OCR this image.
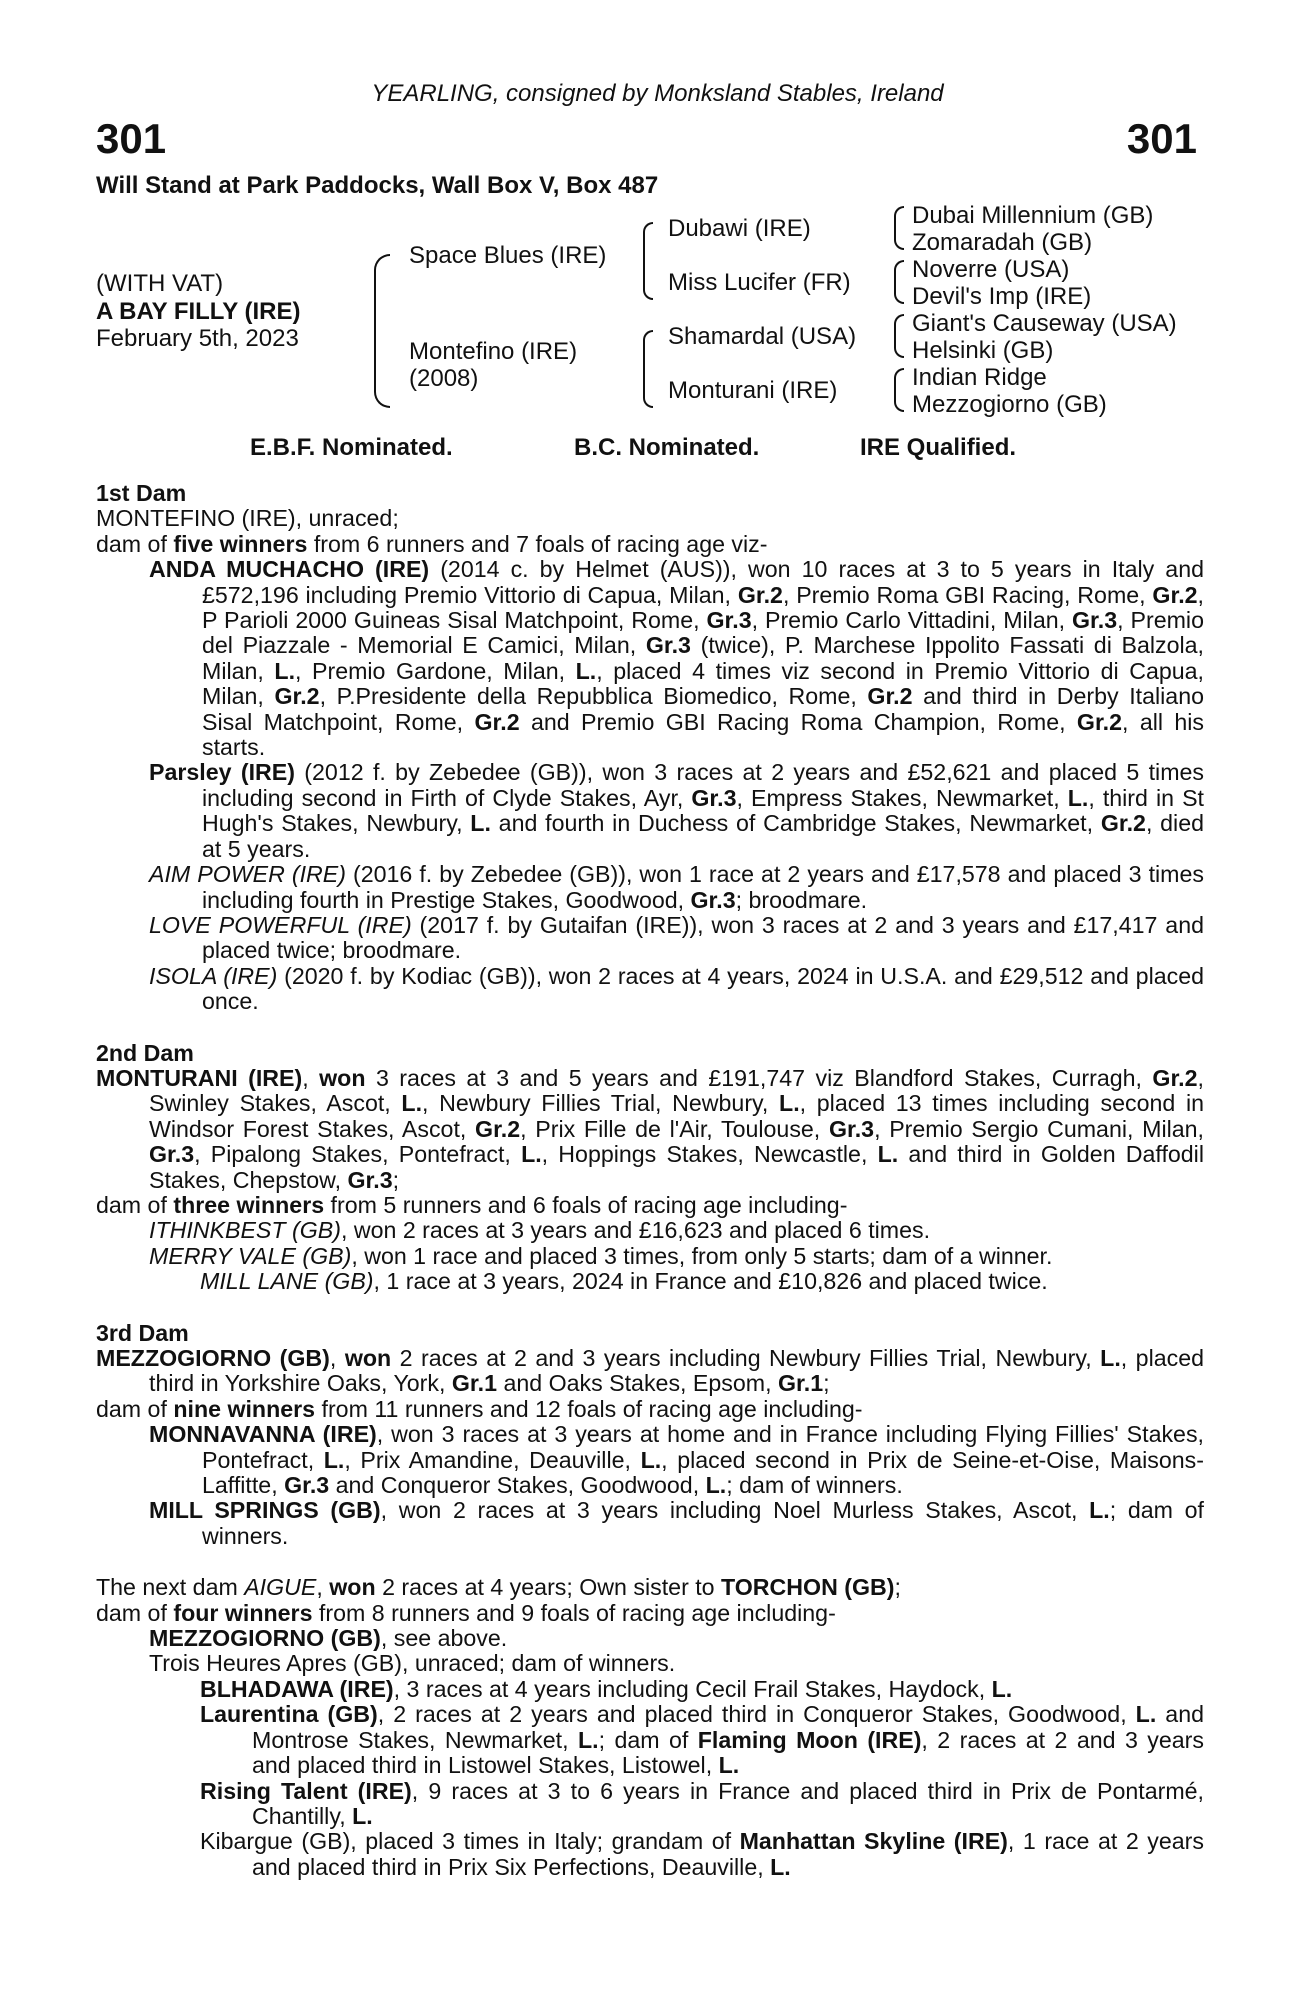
YEARLING, consigned by Monksland Stables, Ireland
301	301
Will Stand at Park Paddocks, Wall Box V, Box 487
(WITH VAT)
A BAY FILLY (IRE)
February 5th, 2023
Space Blues (IRE)
Montefino (IRE)
(2008)
Dubawi (IRE)
Miss Lucifer (FR)
Shamardal (USA)
Monturani (IRE)
Dubai Millennium (GB)
Zomaradah (GB)
Noverre (USA)
Devil's Imp (IRE)
Giant's Causeway (USA)
Helsinki (GB)
Indian Ridge
Mezzogiorno (GB)
E.B.F. Nominated.	B.C. Nominated.	IRE Qualified.

1st Dam

MONTEFINO (IRE), unraced;

dam of five winners from 6 runners and 7 foals of racing age viz-

ANDA MUCHACHO (IRE) (2014 c. by Helmet (AUS)), won 10 races at 3 to 5 years in Italy and £572,196 including Premio Vittorio di Capua, Milan, Gr.2, Premio Roma GBI Racing, Rome, Gr.2, P Parioli 2000 Guineas Sisal Matchpoint, Rome, Gr.3, Premio Carlo Vittadini, Milan, Gr.3, Premio del Piazzale - Memorial E Camici, Milan, Gr.3 (twice), P. Marchese Ippolito Fassati di Balzola, Milan, L., Premio Gardone, Milan, L., placed 4 times viz second in Premio Vittorio di Capua, Milan, Gr.2, P.Presidente della Repubblica Biomedico, Rome, Gr.2 and third in Derby Italiano Sisal Matchpoint, Rome, Gr.2 and Premio GBI Racing Roma Champion, Rome, Gr.2, all his starts.

Parsley (IRE) (2012 f. by Zebedee (GB)), won 3 races at 2 years and £52,621 and placed 5 times including second in Firth of Clyde Stakes, Ayr, Gr.3, Empress Stakes, Newmarket, L., third in St Hugh's Stakes, Newbury, L. and fourth in Duchess of Cambridge Stakes, Newmarket, Gr.2, died at 5 years.

AIM POWER (IRE) (2016 f. by Zebedee (GB)), won 1 race at 2 years and £17,578 and placed 3 times including fourth in Prestige Stakes, Goodwood, Gr.3; broodmare.

LOVE POWERFUL (IRE) (2017 f. by Gutaifan (IRE)), won 3 races at 2 and 3 years and £17,417 and placed twice; broodmare.

ISOLA (IRE) (2020 f. by Kodiac (GB)), won 2 races at 4 years, 2024 in U.S.A. and £29,512 and placed once.

2nd Dam

MONTURANI (IRE), won 3 races at 3 and 5 years and £191,747 viz Blandford Stakes, Curragh, Gr.2, Swinley Stakes, Ascot, L., Newbury Fillies Trial, Newbury, L., placed 13 times including second in Windsor Forest Stakes, Ascot, Gr.2, Prix Fille de l'Air, Toulouse, Gr.3, Premio Sergio Cumani, Milan, Gr.3, Pipalong Stakes, Pontefract, L., Hoppings Stakes, Newcastle, L. and third in Golden Daffodil Stakes, Chepstow, Gr.3;

dam of three winners from 5 runners and 6 foals of racing age including-

ITHINKBEST (GB), won 2 races at 3 years and £16,623 and placed 6 times.

MERRY VALE (GB), won 1 race and placed 3 times, from only 5 starts; dam of a winner.

MILL LANE (GB), 1 race at 3 years, 2024 in France and £10,826 and placed twice.

3rd Dam

MEZZOGIORNO (GB), won 2 races at 2 and 3 years including Newbury Fillies Trial, Newbury, L., placed third in Yorkshire Oaks, York, Gr.1 and Oaks Stakes, Epsom, Gr.1;

dam of nine winners from 11 runners and 12 foals of racing age including-

MONNAVANNA (IRE), won 3 races at 3 years at home and in France including Flying Fillies' Stakes, Pontefract, L., Prix Amandine, Deauville, L., placed second in Prix de Seine-et-Oise, Maisons-Laffitte, Gr.3 and Conqueror Stakes, Goodwood, L.; dam of winners.

MILL SPRINGS (GB), won 2 races at 3 years including Noel Murless Stakes, Ascot, L.; dam of winners.

The next dam AIGUE, won 2 races at 4 years; Own sister to TORCHON (GB);

dam of four winners from 8 runners and 9 foals of racing age including-

MEZZOGIORNO (GB), see above.

Trois Heures Apres (GB), unraced; dam of winners.

BLHADAWA (IRE), 3 races at 4 years including Cecil Frail Stakes, Haydock, L.

Laurentina (GB), 2 races at 2 years and placed third in Conqueror Stakes, Goodwood, L. and Montrose Stakes, Newmarket, L.; dam of Flaming Moon (IRE), 2 races at 2 and 3 years and placed third in Listowel Stakes, Listowel, L.

Rising Talent (IRE), 9 races at 3 to 6 years in France and placed third in Prix de Pontarmé, Chantilly, L.

Kibargue (GB), placed 3 times in Italy; grandam of Manhattan Skyline (IRE), 1 race at 2 years and placed third in Prix Six Perfections, Deauville, L.
